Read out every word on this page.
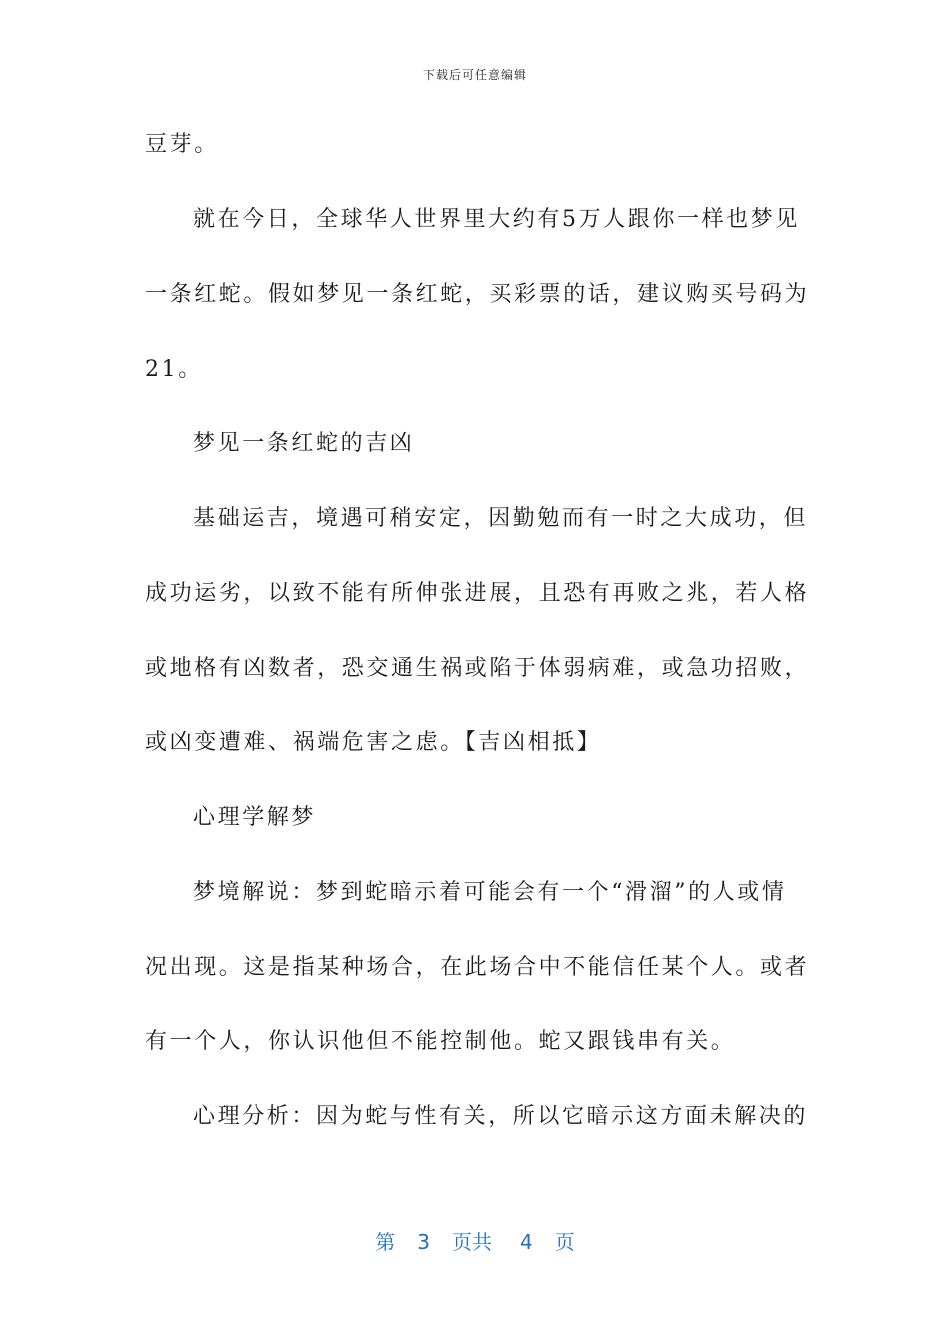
下载后可任意编辑
豆芽。
就在今日，全球华人世界里大约有5万人跟你一样也梦见
一条红蛇。假如梦见一条红蛇，买彩票的话，建议购买号码为
21。
梦见一条红蛇的吉凶
基础运吉，境遇可稍安定，因勤勉而有一时之大成功，但
成功运劣，以致不能有所伸张进展，且恐有再败之兆，若人格
或地格有凶数者，恐交通生祸或陷于体弱病难，或急功招败，
或凶变遭难、祸端危害之虑。【吉凶相抵】
心理学解梦
梦境解说：梦到蛇暗示着可能会有一个“滑溜”的人或情
况出现。这是指某种场合，在此场合中不能信任某个人。或者
有一个人，你认识他但不能控制他。蛇又跟钱串有关。
心理分析：因为蛇与性有关，所以它暗示这方面未解决的
第 3 页共 4 页
